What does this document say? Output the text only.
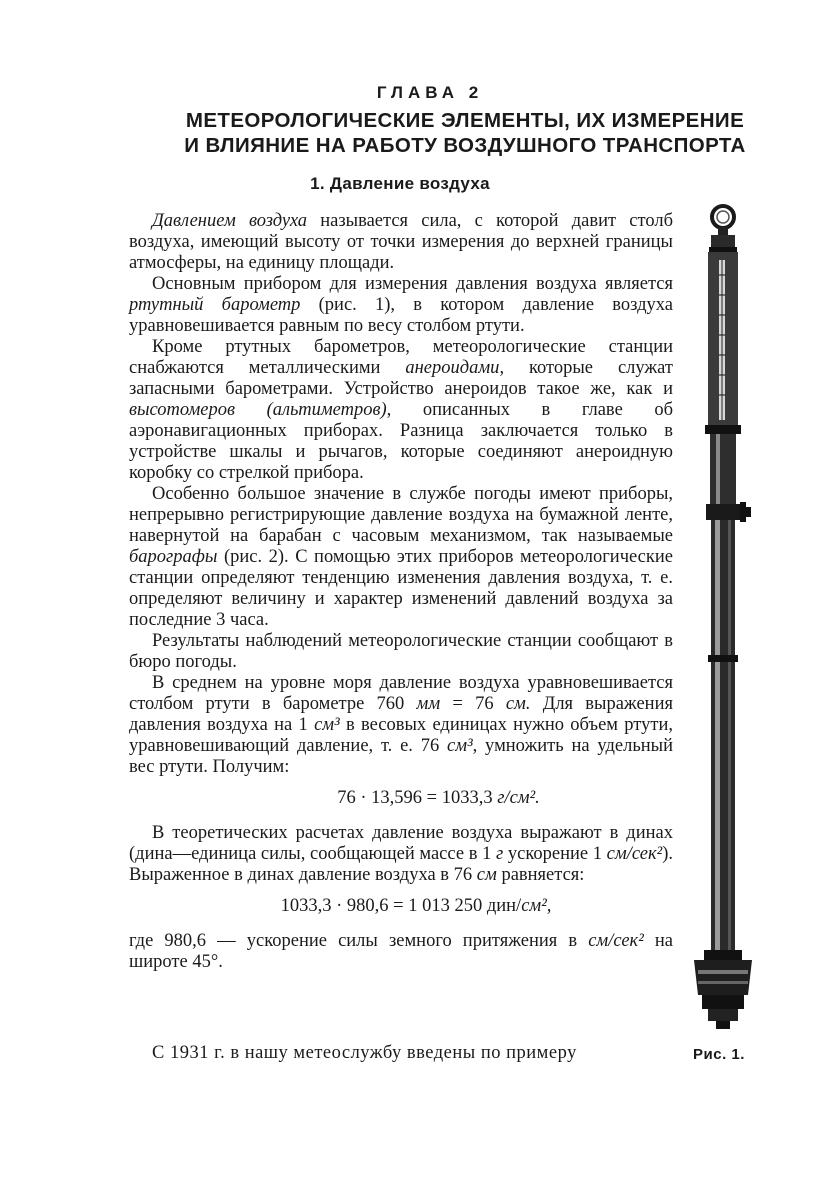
ГЛАВА 2
МЕТЕОРОЛОГИЧЕСКИЕ ЭЛЕМЕНТЫ, ИХ ИЗМЕРЕНИЕ
И ВЛИЯНИЕ НА РАБОТУ ВОЗДУШНОГО ТРАНСПОРТА
1. Давление воздуха

Давлением воздуха называется сила, с которой давит столб воздуха, имеющий высоту от точки измерения до верхней границы атмосферы, на единицу площади.

Основным прибором для измерения давления воздуха является ртутный барометр (рис. 1), в котором давление воздуха уравновешивается равным по весу столбом ртути.

Кроме ртутных барометров, метеорологические станции снабжаются металлическими анероидами, которые служат запасными барометрами. Устройство анероидов такое же, как и высотомеров (альтиметров), описанных в главе об аэронавигационных приборах. Разница заключается только в устройстве шкалы и рычагов, которые соединяют анероидную коробку со стрелкой прибора.

Особенно большое значение в службе погоды имеют приборы, непрерывно регистрирующие давление воздуха на бумажной ленте, навернутой на барабан с часовым механизмом, так называемые барографы (рис. 2). С помощью этих приборов метеорологические станции определяют тенденцию изменения давления воздуха, т. е. определяют величину и характер изменений давлений воздуха за последние 3 часа.

Результаты наблюдений метеорологические станции сообщают в бюро погоды.

В среднем на уровне моря давление воздуха уравновешивается столбом ртути в барометре 760 мм = 76 см. Для выражения давления воздуха на 1 см³ в весовых единицах нужно объем ртути, уравновешивающий давление, т. е. 76 см³, умножить на удельный вес ртути. Получим:

76 · 13,596 = 1033,3 г/см².

В теоретических расчетах давление воздуха выражают в динах (дина—единица силы, сообщающей массе в 1 г ускорение 1 см/сек²). Выраженное в динах давление воздуха в 76 см равняется:

1033,3 · 980,6 = 1 013 250 дин/см²,

где 980,6 — ускорение силы земного притяжения в см/сек² на широте 45°.

С 1931 г. в нашу метеослужбу введены по примеру	Рис. 1.
